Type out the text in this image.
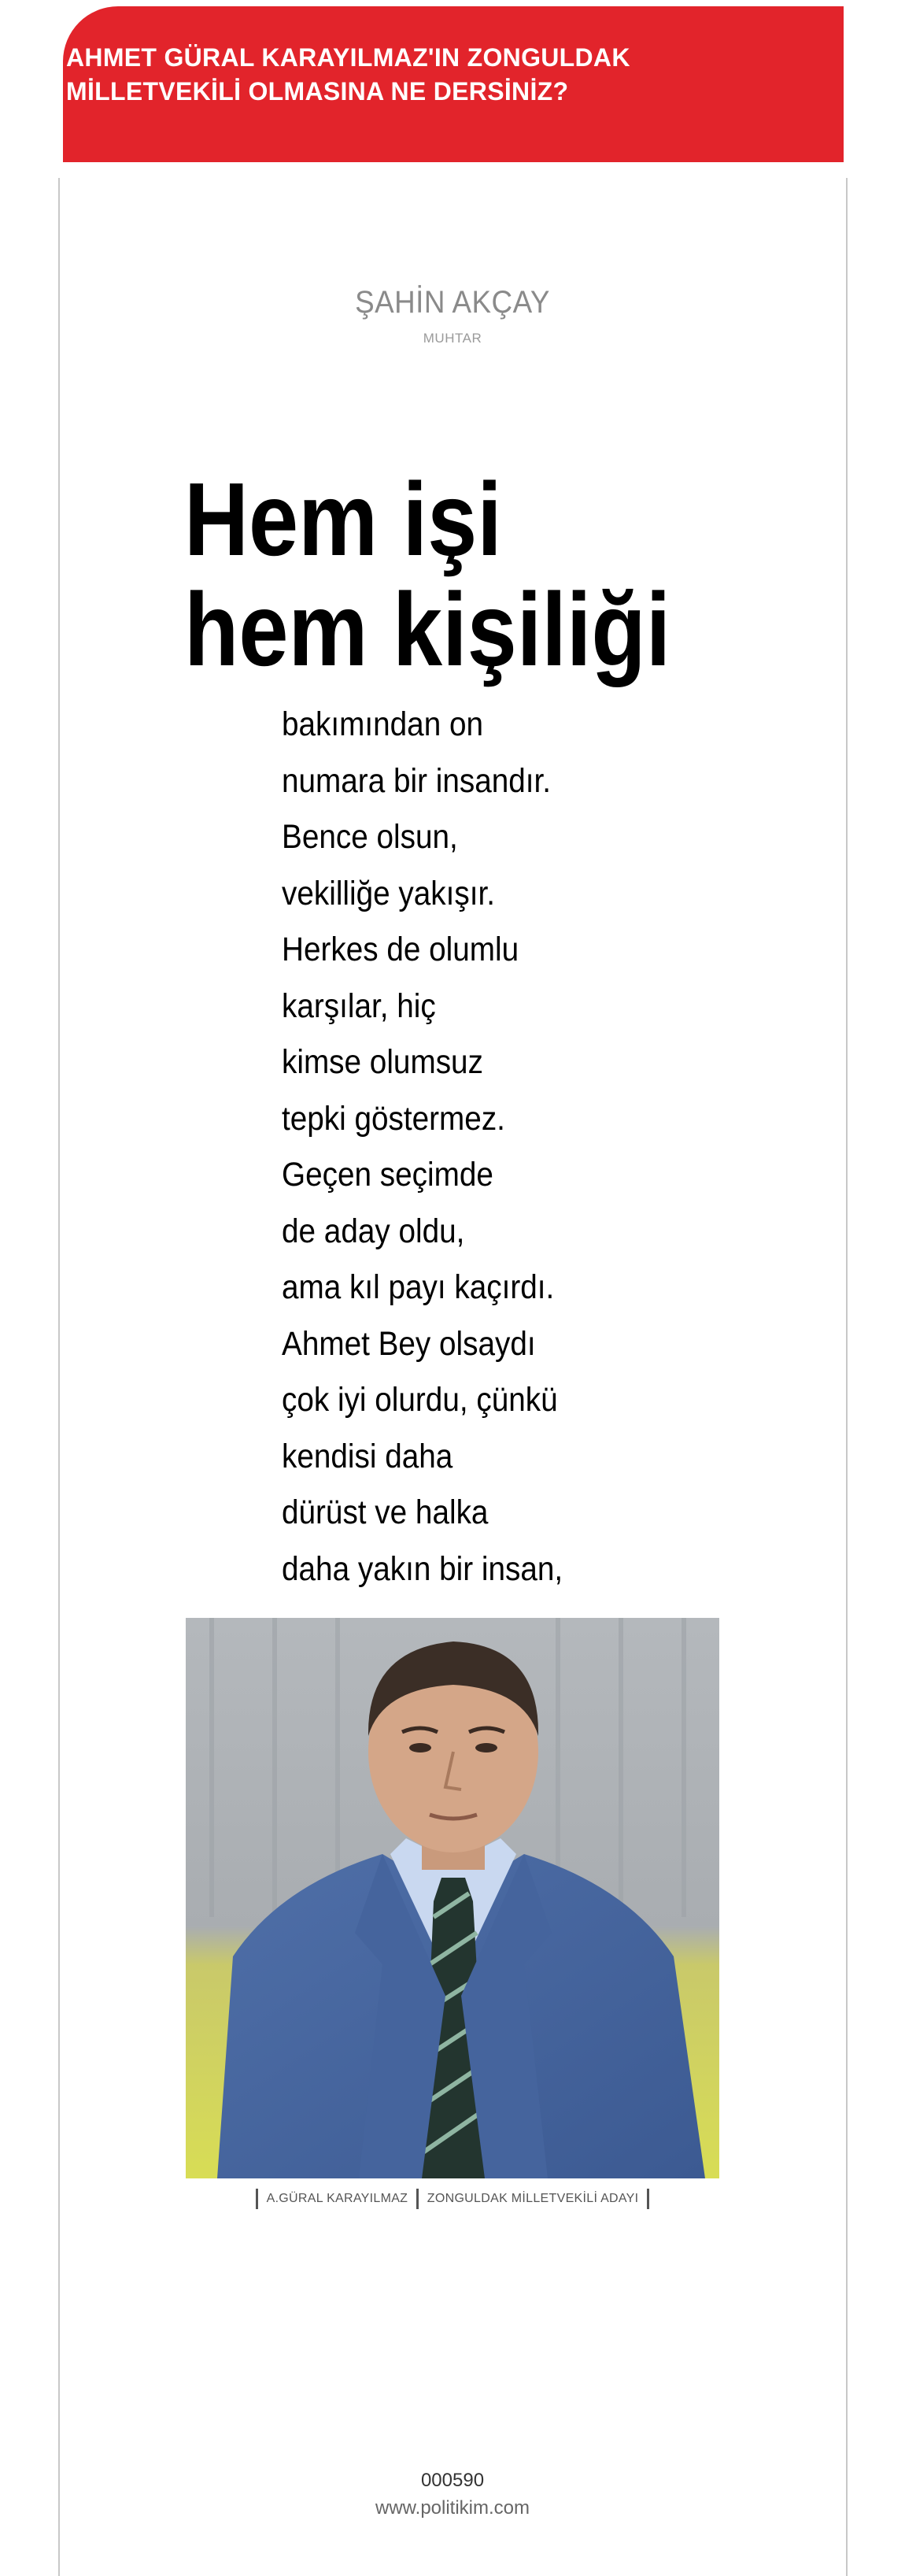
AHMET GÜRAL KARAYILMAZ'IN ZONGULDAK
MİLLETVEKİLİ OLMASINA NE DERSİNİZ?
ŞAHİN AKÇAY
MUHTAR
Hem işi
hem kişiliği
bakımından on
numara bir insandır.
Bence olsun,
vekilliğe yakışır.
Herkes de olumlu
karşılar, hiç
kimse olumsuz
tepki göstermez.
Geçen seçimde
de aday oldu,
ama kıl payı kaçırdı.
Ahmet Bey olsaydı
çok iyi olurdu, çünkü
kendisi daha
dürüst ve halka
daha yakın bir insan,
A.GÜRAL KARAYILMAZ ZONGULDAK MİLLETVEKİLİ ADAYI
000590
www.politikim.com
